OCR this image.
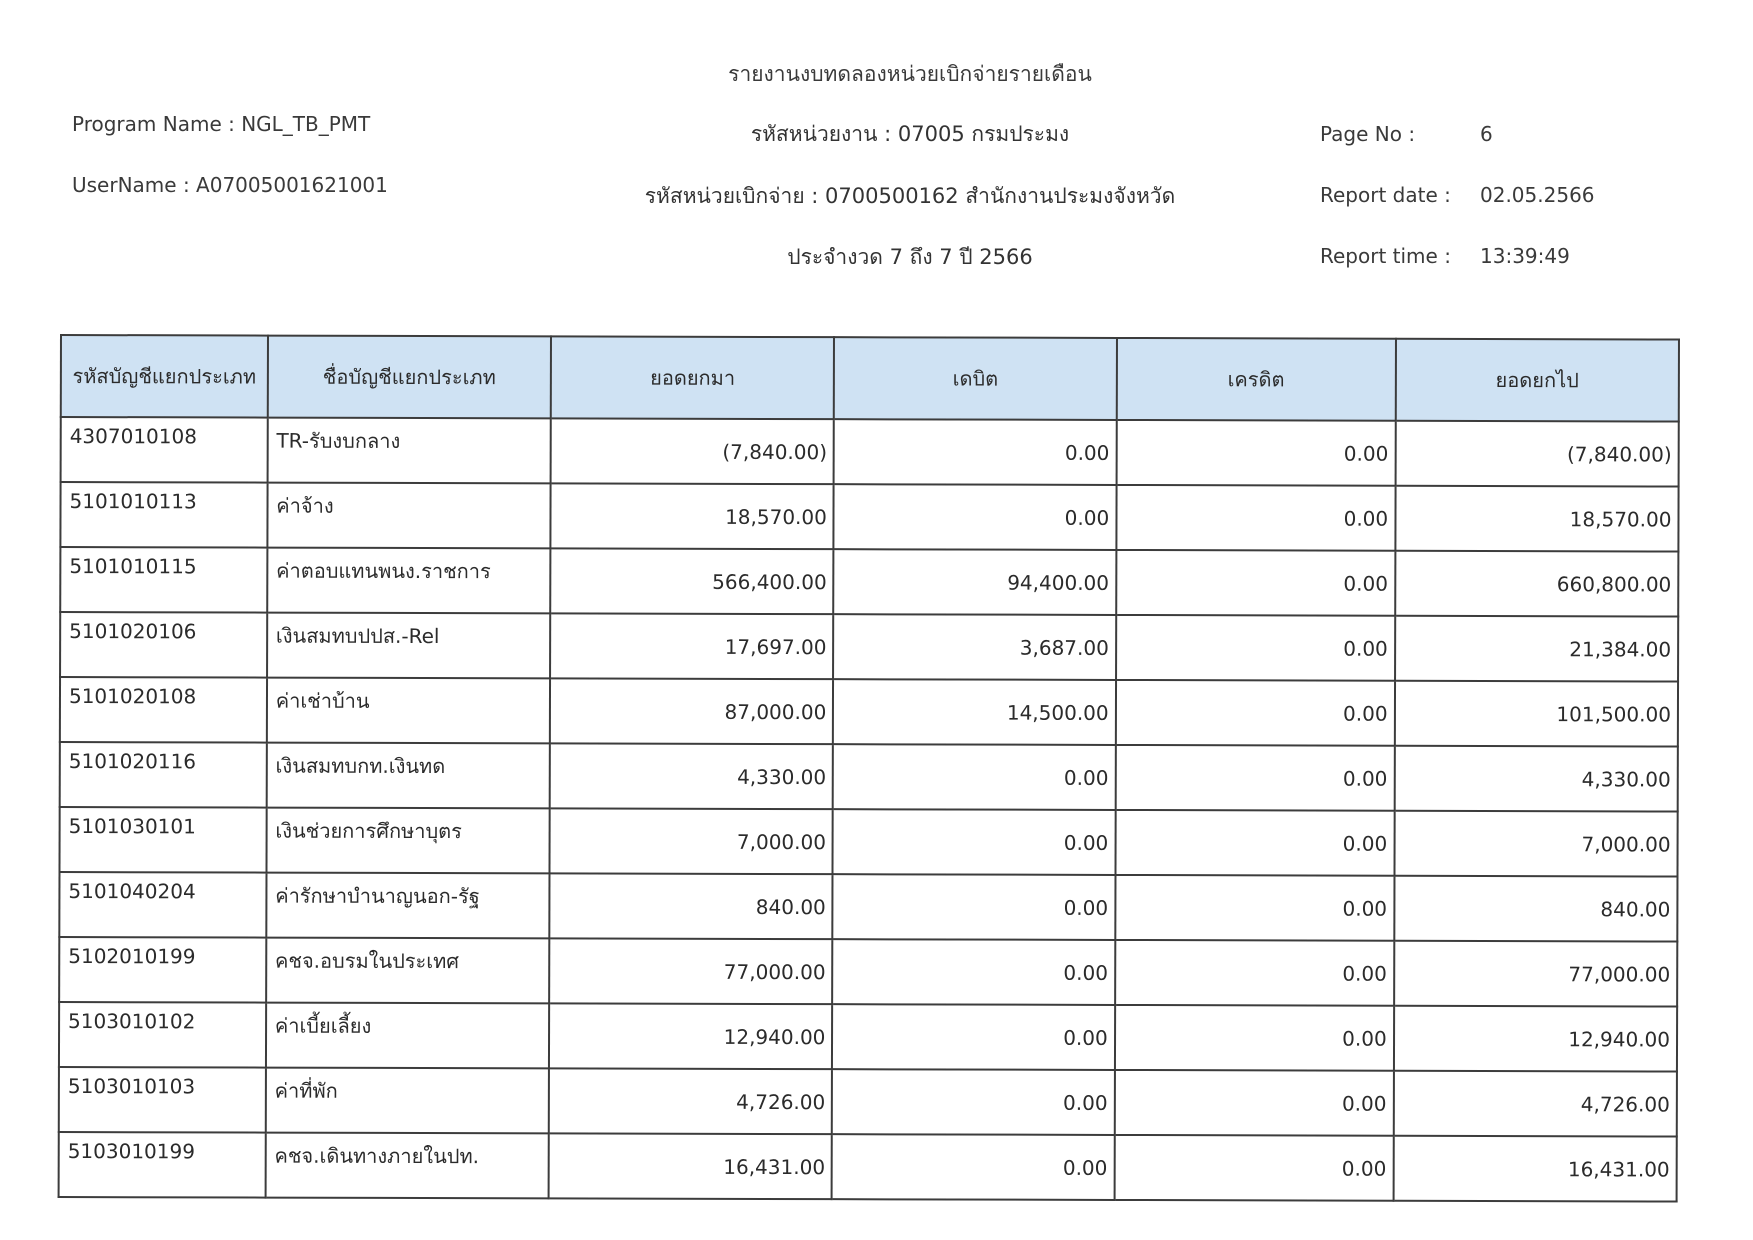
รายงานงบทดลองหน่วยเบิกจ่ายรายเดือน
Program Name : NGL_TB_PMT	รหัสหน่วยงาน : 07005 กรมประมง	Page No :	6
UserName : A07005001621001	รหัสหน่วยเบิกจ่าย : 0700500162 สำนักงานประมงจังหวัด	Report date : 02.05.2566
ประจำงวด 7 ถึง 7 ปี 2566	Report time : 13:39:49
รหัสบัญชีแยกประเภท	ชื่อบัญชีแยกประเภท	ยอดยกมา	เดบิต	เครดิต	ยอดยกไป
4307010108	TR-รับงบกลาง	(7,840.00)	0.00	0.00	(7,840.00)
5101010113	ค่าจ้าง	18,570.00	0.00	0.00	18,570.00
5101010115	ค่าตอบแทนพนง.ราชการ	566,400.00	94,400.00	0.00	660,800.00
5101020106	เงินสมทบปปส.-Rel	17,697.00	3,687.00	0.00	21,384.00
5101020108	ค่าเช่าบ้าน	87,000.00	14,500.00	0.00	101,500.00
5101020116	เงินสมทบกท.เงินทด	4,330.00	0.00	0.00	4,330.00
5101030101	เงินช่วยการศึกษาบุตร	7,000.00	0.00	0.00	7,000.00
5101040204	ค่ารักษาบำนาญนอก-รัฐ	840.00	0.00	0.00	840.00
5102010199	คชจ.อบรมในประเทศ	77,000.00	0.00	0.00	77,000.00
5103010102	ค่าเบี้ยเลี้ยง	12,940.00	0.00	0.00	12,940.00
5103010103	ค่าที่พัก	4,726.00	0.00	0.00	4,726.00
5103010199	คชจ.เดินทางภายในปท.	16,431.00	0.00	0.00	16,431.00
